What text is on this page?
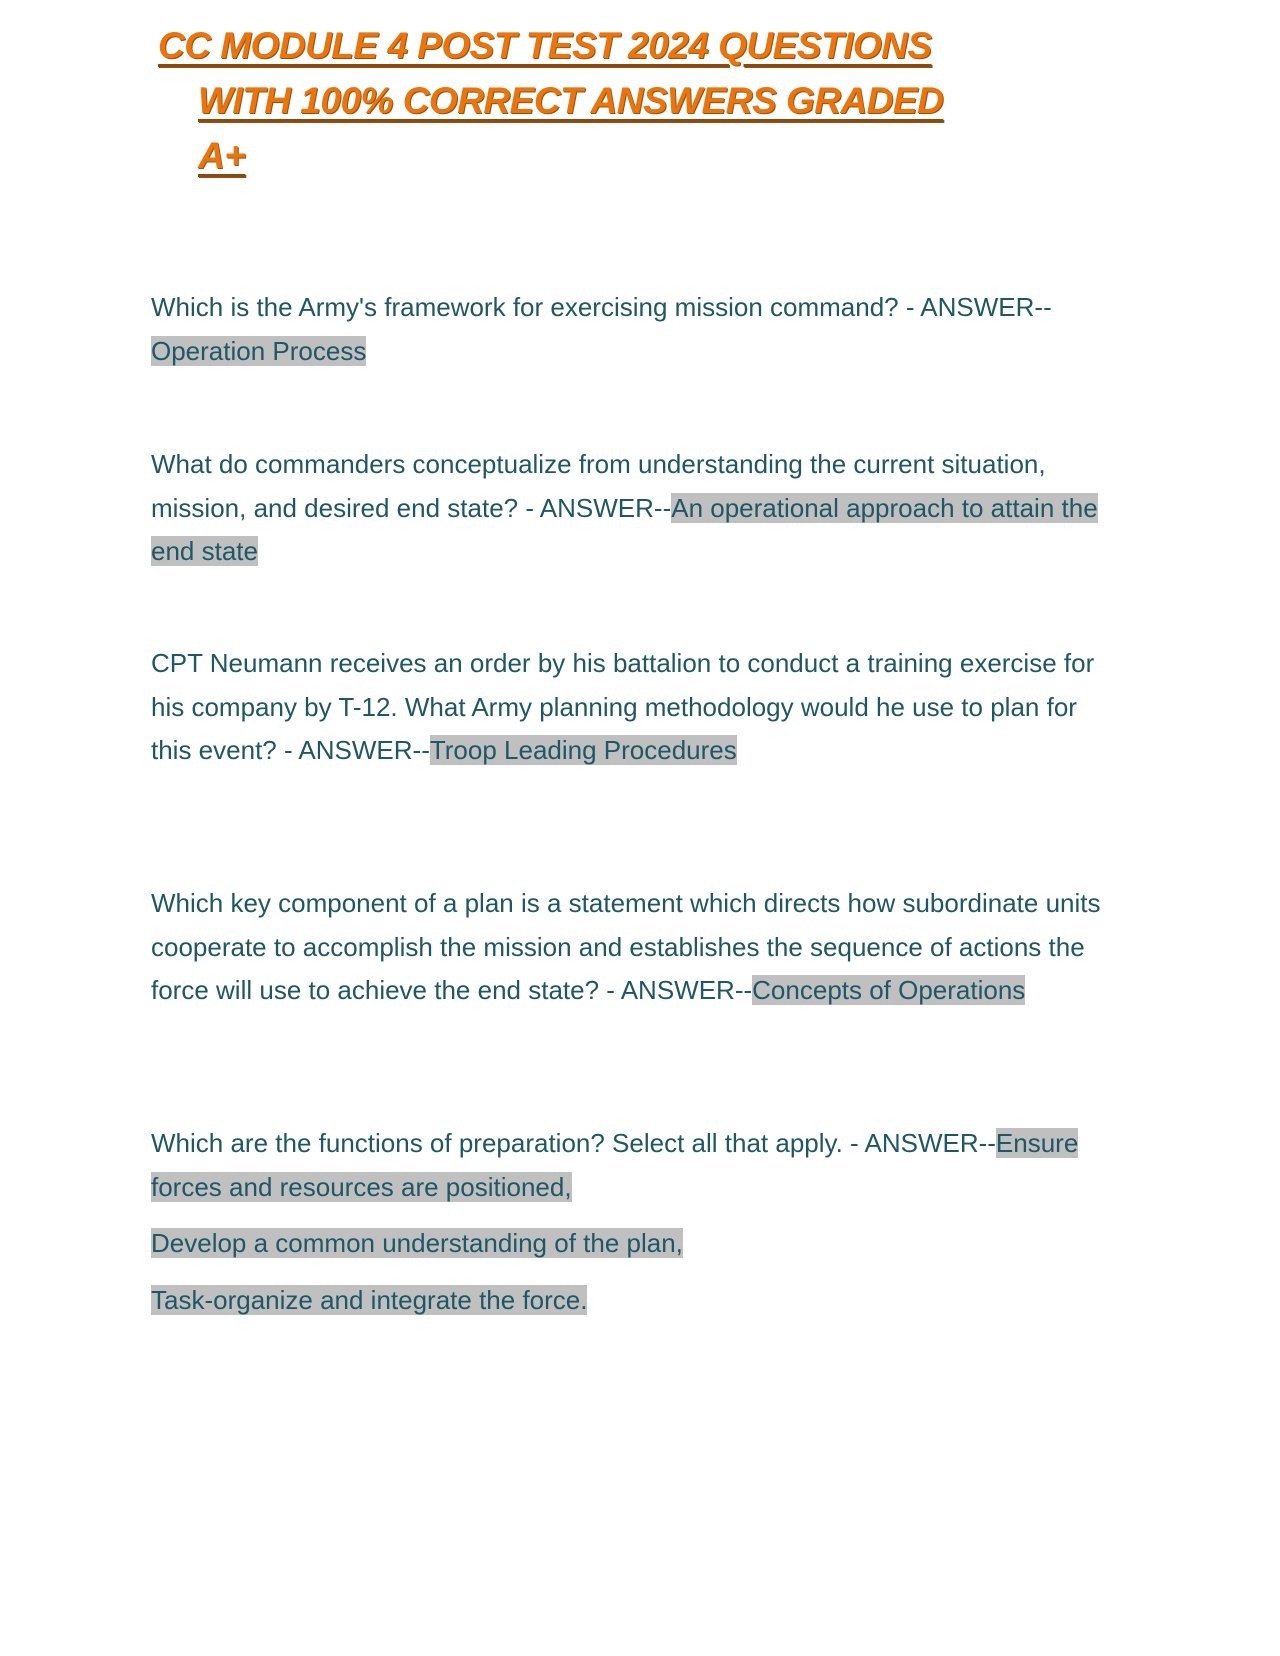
CC MODULE 4 POST TEST 2024 QUESTIONS
WITH 100% CORRECT ANSWERS GRADED
A+
Which is the Army's framework for exercising mission command? - ANSWER--Operation Process
What do commanders conceptualize from understanding the current situation, mission, and desired end state? - ANSWER--An operational approach to attain the end state
CPT Neumann receives an order by his battalion to conduct a training exercise for his company by T-12. What Army planning methodology would he use to plan for this event? - ANSWER--Troop Leading Procedures
Which key component of a plan is a statement which directs how subordinate units cooperate to accomplish the mission and establishes the sequence of actions the force will use to achieve the end state? - ANSWER--Concepts of Operations
Which are the functions of preparation? Select all that apply. - ANSWER--Ensure forces and resources are positioned,
Develop a common understanding of the plan,
Task-organize and integrate the force.
